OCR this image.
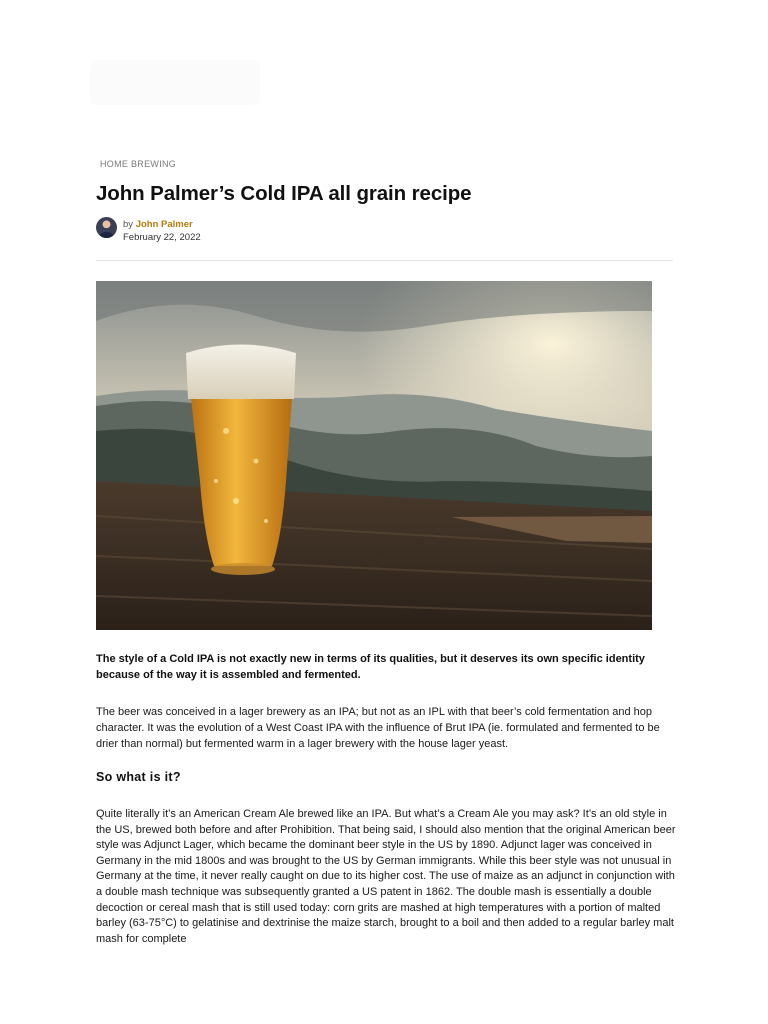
HOME BREWING
John Palmer’s Cold IPA all grain recipe
by John Palmer
February 22, 2022

The style of a Cold IPA is not exactly new in terms of its qualities, but it deserves its own specific identity because of the way it is assembled and fermented.

The beer was conceived in a lager brewery as an IPA; but not as an IPL with that beer’s cold fermentation and hop character. It was the evolution of a West Coast IPA with the influence of Brut IPA (ie. formulated and fermented to be drier than normal) but fermented warm in a lager brewery with the house lager yeast.

So what is it?

Quite literally it’s an American Cream Ale brewed like an IPA. But what’s a Cream Ale you may ask? It’s an old style in the US, brewed both before and after Prohibition. That being said, I should also mention that the original American beer style was Adjunct Lager, which became the dominant beer style in the US by 1890. Adjunct lager was conceived in Germany in the mid 1800s and was brought to the US by German immigrants. While this beer style was not unusual in Germany at the time, it never really caught on due to its higher cost. The use of maize as an adjunct in conjunction with a double mash technique was subsequently granted a US patent in 1862. The double mash is essentially a double decoction or cereal mash that is still used today: corn grits are mashed at high temperatures with a portion of malted barley (63-75°C) to gelatinise and dextrinise the maize starch, brought to a boil and then added to a regular barley malt mash for complete
